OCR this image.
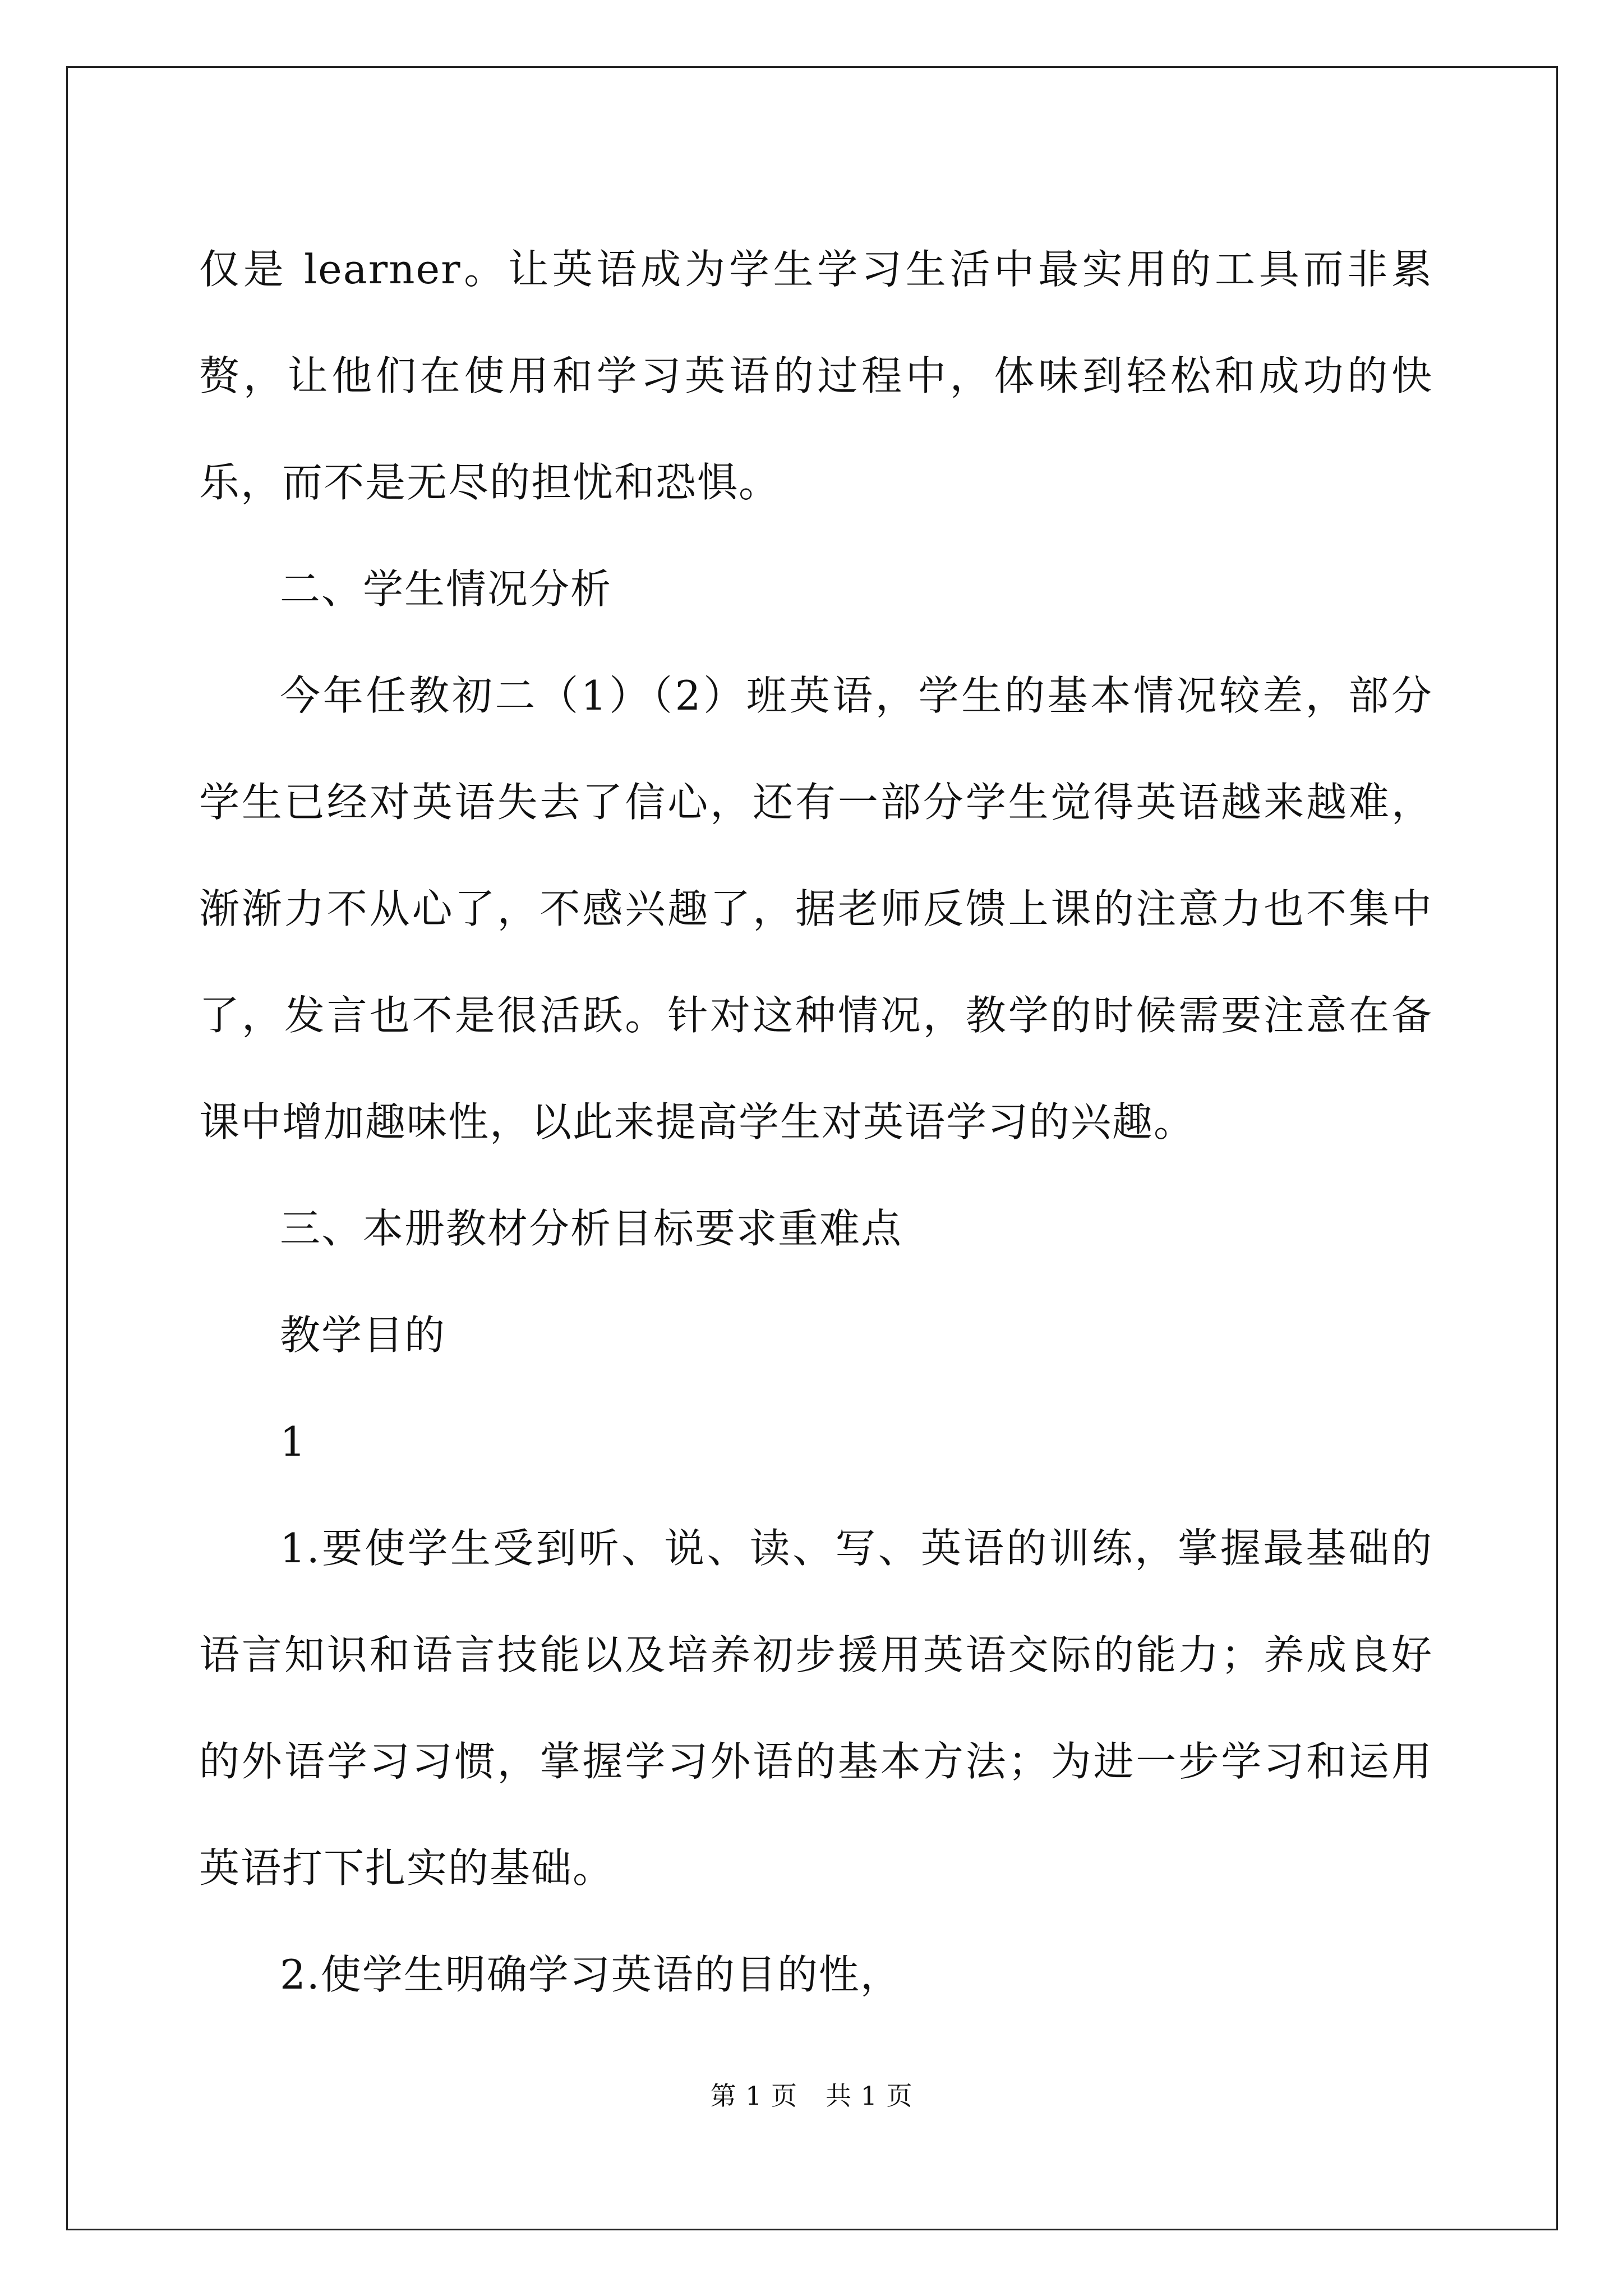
仅是 learner。让英语成为学生学习生活中最实用的工具而非累赘，让他们在使用和学习英语的过程中，体味到轻松和成功的快乐，而不是无尽的担忧和恐惧。

二、学生情况分析

今年任教初二（1）（2）班英语，学生的基本情况较差，部分学生已经对英语失去了信心，还有一部分学生觉得英语越来越难，渐渐力不从心了，不感兴趣了，据老师反馈上课的注意力也不集中了，发言也不是很活跃。针对这种情况，教学的时候需要注意在备课中增加趣味性，以此来提高学生对英语学习的兴趣。

三、本册教材分析目标要求重难点

教学目的

1

1.要使学生受到听、说、读、写、英语的训练，掌握最基础的语言知识和语言技能以及培养初步援用英语交际的能力；养成良好的外语学习习惯，掌握学习外语的基本方法；为进一步学习和运用英语打下扎实的基础。

2.使学生明确学习英语的目的性，

第 1 页 共 1 页
